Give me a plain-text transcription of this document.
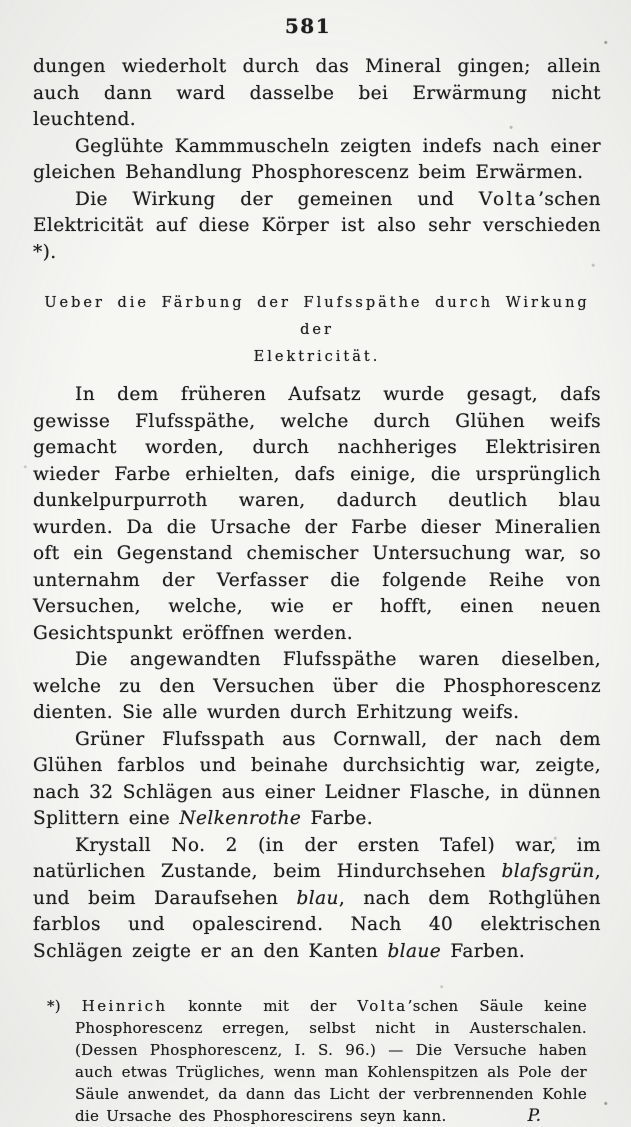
581

dungen wiederholt durch das Mineral gingen; allein auch dann ward dasselbe bei Erwärmung nicht leuchtend.

Geglühte Kammmuscheln zeigten indefs nach einer gleichen Behandlung Phosphorescenz beim Erwärmen.

Die Wirkung der gemeinen und Volta’schen Elektricität auf diese Körper ist also sehr verschieden *).

Ueber die Färbung der Flufsspäthe durch Wirkung der
Elektricität.

In dem früheren Aufsatz wurde gesagt, dafs gewisse Flufsspäthe, welche durch Glühen weifs gemacht worden, durch nachheriges Elektrisiren wieder Farbe erhielten, dafs einige, die ursprünglich dunkelpurpurroth waren, dadurch deutlich blau wurden. Da die Ursache der Farbe dieser Mineralien oft ein Gegenstand chemischer Untersuchung war, so unternahm der Verfasser die folgende Reihe von Versuchen, welche, wie er hofft, einen neuen Gesichtspunkt eröffnen werden.

Die angewandten Flufsspäthe waren dieselben, welche zu den Versuchen über die Phosphorescenz dienten. Sie alle wurden durch Erhitzung weifs.

Grüner Flufsspath aus Cornwall, der nach dem Glühen farblos und beinahe durchsichtig war, zeigte, nach 32 Schlägen aus einer Leidner Flasche, in dünnen Splittern eine Nelkenrothe Farbe.

Krystall No. 2 (in der ersten Tafel) war, im natürlichen Zustande, beim Hindurchsehen blafsgrün, und beim Daraufsehen blau, nach dem Rothglühen farblos und opalescirend. Nach 40 elektrischen Schlägen zeigte er an den Kanten blaue Farben.

*) Heinrich konnte mit der Volta’schen Säule keine Phosphorescenz erregen, selbst nicht in Austerschalen. (Dessen Phosphorescenz, I. S. 96.) — Die Versuche haben auch etwas Trügliches, wenn man Kohlenspitzen als Pole der Säule anwendet, da dann das Licht der verbrennenden Kohle die Ursache des Phosphorescirens seyn kann.	P.
